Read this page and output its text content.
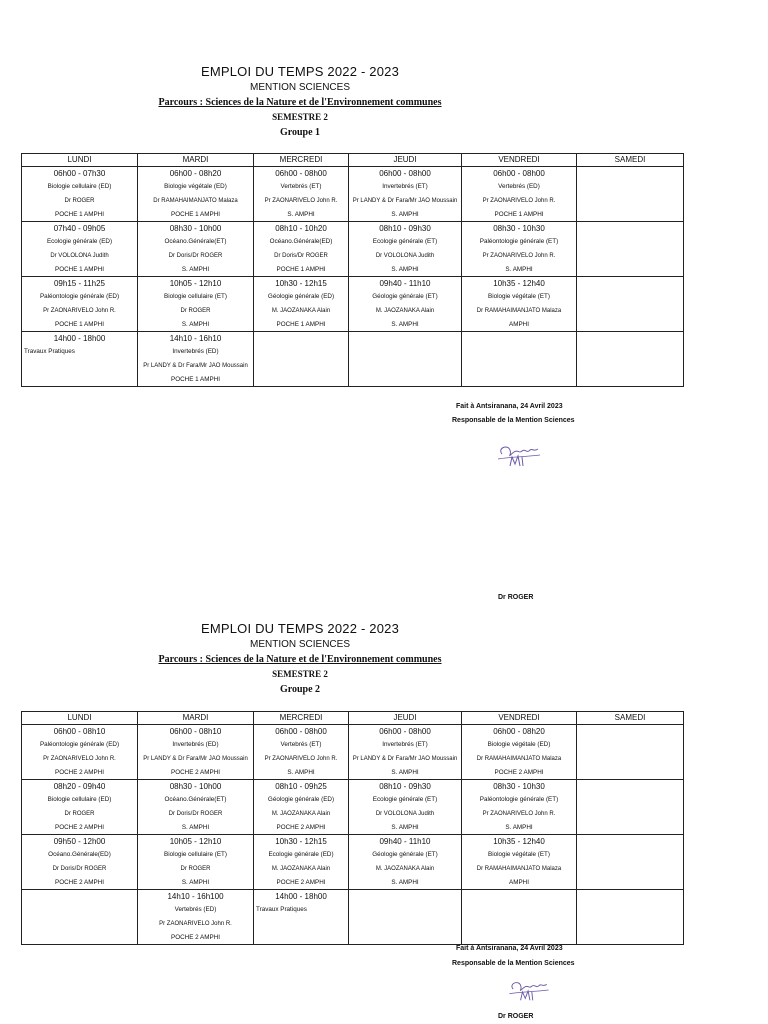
EMPLOI DU TEMPS 2022 - 2023
MENTION SCIENCES
Parcours : Sciences de la Nature et de l'Environnement communes
SEMESTRE 2
Groupe 1
LUNDI	MARDI	MERCREDI	JEUDI	VENDREDI	SAMEDI

06h00 - 07h30
Biologie cellulaire (ED)
Dr ROGER
POCHE 1 AMPHI	06h00 - 08h20
Biologie végétale (ED)
Dr RAMAHAIMANJATO Malaza
POCHE 1 AMPHI	06h00 - 08h00
Vertebrés (ET)
Pr ZAONARIVELO John R.
S. AMPHI	06h00 - 08h00
Invertebrés (ET)
Pr LANDY & Dr Fara/Mr JAO Moussain
S. AMPHI	06h00 - 08h00
Vertebrés (ED)
Pr ZAONARIVELO John R.
POCHE 1 AMPHI	

07h40 - 09h05
Ecologie générale (ED)
Dr VOLOLONA Judith
POCHE 1 AMPHI	08h30 - 10h00
Océano.Générale(ET)
Dr Doris/Dr ROGER
S. AMPHI	08h10 - 10h20
Océano.Générale(ED)
Dr Doris/Dr ROGER
POCHE 1 AMPHI	08h10 - 09h30
Ecologie générale (ET)
Dr VOLOLONA Judith
S. AMPHI	08h30 - 10h30
Paléontologie générale (ET)
Pr ZAONARIVELO John R.
S. AMPHI	

09h15 - 11h25
Paléontologie générale (ED)
Pr ZAONARIVELO John R.
POCHE 1 AMPHI	10h05 - 12h10
Biologie cellulaire (ET)
Dr ROGER
S. AMPHI	10h30 - 12h15
Géologie générale (ED)
M. JAOZANAKA Alain
POCHE 1 AMPHI	09h40 - 11h10
Géologie générale (ET)
M. JAOZANAKA Alain
S. AMPHI	10h35 - 12h40
Biologie végétale (ET)
Dr RAMAHAIMANJATO Malaza
AMPHI	

14h00 - 18h00
Travaux Pratiques	14h10 - 16h10
Invertebrés (ED)
Pr LANDY & Dr Fara/Mr JAO Moussain
POCHE 1 AMPHI				

Fait à Antsiranana, 24 Avril 2023
Responsable de la Mention Sciences
Dr ROGER
EMPLOI DU TEMPS 2022 - 2023
MENTION SCIENCES
Parcours : Sciences de la Nature et de l'Environnement communes
SEMESTRE 2
Groupe 2
LUNDI	MARDI	MERCREDI	JEUDI	VENDREDI	SAMEDI

06h00 - 08h10
Paléontologie générale (ED)
Pr ZAONARIVELO John R.
POCHE 2 AMPHI	06h00 - 08h10
Invertebrés (ED)
Pr LANDY & Dr Fara/Mr JAO Moussain
POCHE 2 AMPHI	06h00 - 08h00
Vertebrés (ET)
Pr ZAONARIVELO John R.
S. AMPHI	06h00 - 08h00
Invertebrés (ET)
Pr LANDY & Dr Fara/Mr JAO Moussain
S. AMPHI	06h00 - 08h20
Biologie végétale (ED)
Dr RAMAHAIMANJATO Malaza
POCHE 2 AMPHI	

08h20 - 09h40
Biologie cellulaire (ED)
Dr ROGER
POCHE 2 AMPHI	08h30 - 10h00
Océano.Générale(ET)
Dr Doris/Dr ROGER
S. AMPHI	08h10 - 09h25
Géologie générale (ED)
M. JAOZANAKA Alain
POCHE 2 AMPHI	08h10 - 09h30
Ecologie générale (ET)
Dr VOLOLONA Judith
S. AMPHI	08h30 - 10h30
Paléontologie générale (ET)
Pr ZAONARIVELO John R.
S. AMPHI	

09h50 - 12h00
Océano.Générale(ED)
Dr Doris/Dr ROGER
POCHE 2 AMPHI	10h05 - 12h10
Biologie cellulaire (ET)
Dr ROGER
S. AMPHI	10h30 - 12h15
Ecologie générale (ED)
M. JAOZANAKA Alain
POCHE 2 AMPHI	09h40 - 11h10
Géologie générale (ET)
M. JAOZANAKA Alain
S. AMPHI	10h35 - 12h40
Biologie végétale (ET)
Dr RAMAHAIMANJATO Malaza
AMPHI	

	14h10 - 16h100
Vertebrés (ED)
Pr ZAONARIVELO John R.
POCHE 2 AMPHI	14h00 - 18h00
Travaux Pratiques			

Fait à Antsiranana, 24 Avril 2023
Responsable de la Mention Sciences
Dr ROGER
